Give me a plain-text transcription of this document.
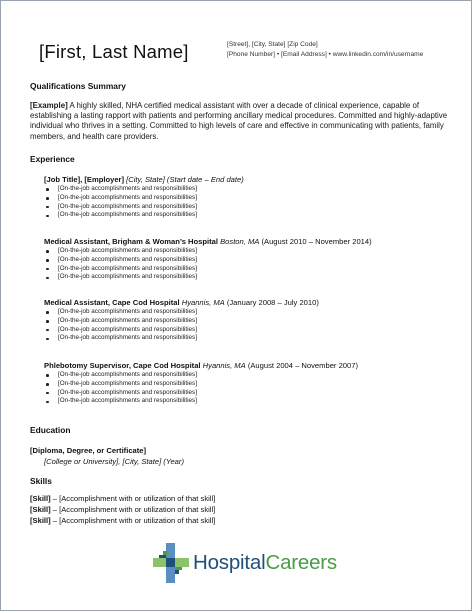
[First, Last Name]	[Street], [City, State] [Zip Code]
[Phone Number] • [Email Address] • www.linkedin.com/in/username
Qualifications Summary

[Example] A highly skilled, NHA certified medical assistant with over a decade of clinical experience, capable of establishing a lasting rapport with patients and performing ancillary medical procedures. Committed and highly-adaptive individual who thrives in a setting. Committed to high levels of care and effective in communicating with patients, family members, and health care providers.

Experience
[Job Title], [Employer] [City, State] (Start date – End date)
[On-the-job accomplishments and responsibilities]
[On-the-job accomplishments and responsibilities]
[On-the-job accomplishments and responsibilities]
[On-the-job accomplishments and responsibilities]
Medical Assistant, Brigham & Woman’s Hospital Boston, MA (August 2010 – November 2014)
[On-the-job accomplishments and responsibilities]
[On-the-job accomplishments and responsibilities]
[On-the-job accomplishments and responsibilities]
[On-the-job accomplishments and responsibilities]
Medical Assistant, Cape Cod Hospital Hyannis, MA (January 2008 – July 2010)
[On-the-job accomplishments and responsibilities]
[On-the-job accomplishments and responsibilities]
[On-the-job accomplishments and responsibilities]
[On-the-job accomplishments and responsibilities]
Phlebotomy Supervisor, Cape Cod Hospital Hyannis, MA (August 2004 – November 2007)
[On-the-job accomplishments and responsibilities]
[On-the-job accomplishments and responsibilities]
[On-the-job accomplishments and responsibilities]
[On-the-job accomplishments and responsibilities]
Education
[Diploma, Degree, or Certificate]
[College or University], [City, State] (Year)
Skills
[Skill] – [Accomplishment with or utilization of that skill]
[Skill] – [Accomplishment with or utilization of that skill]
[Skill] – [Accomplishment with or utilization of that skill]
HospitalCareers
